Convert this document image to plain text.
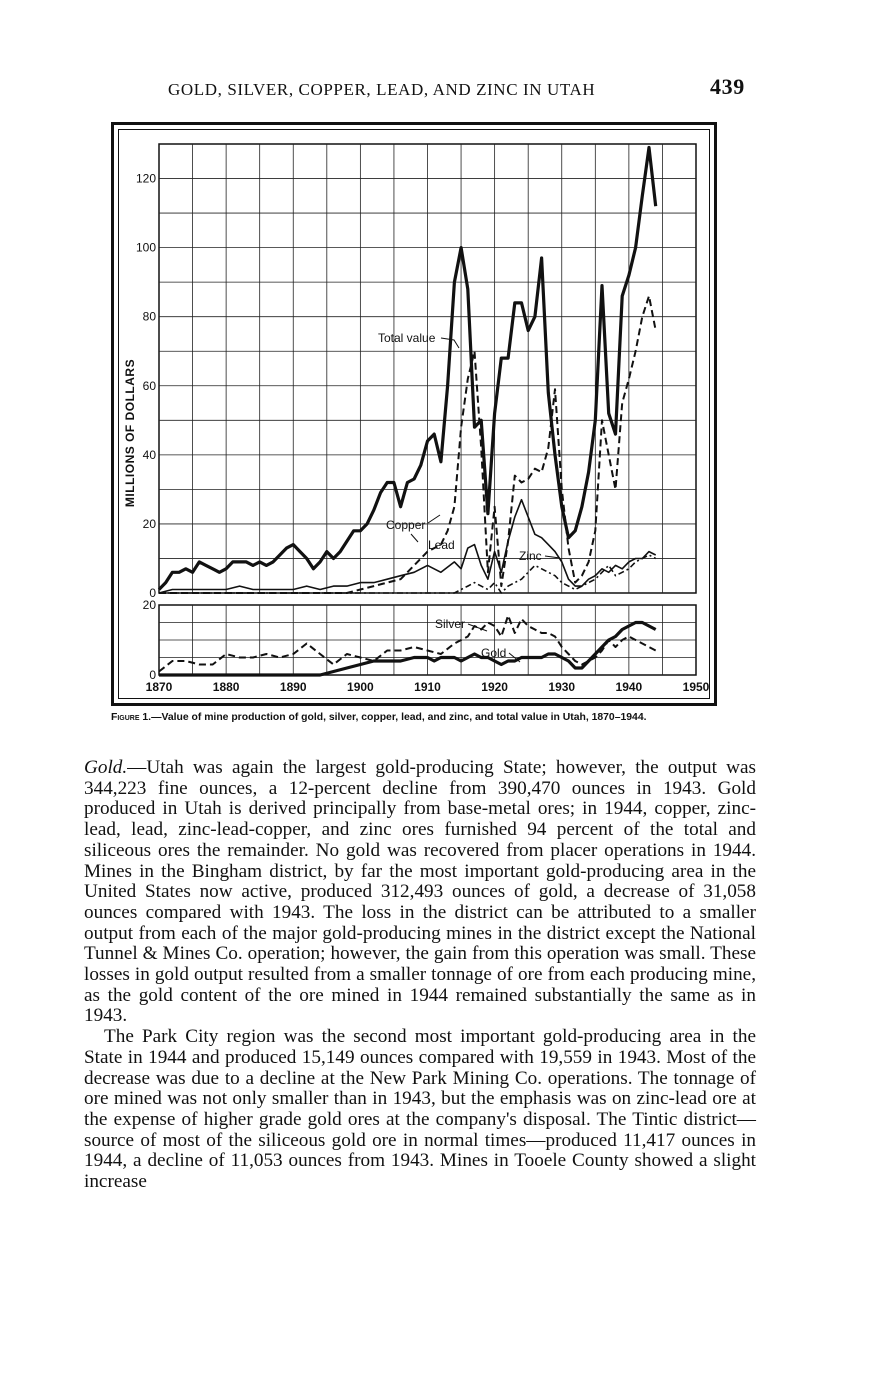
GOLD, SILVER, COPPER, LEAD, AND ZINC IN UTAH	439
0
20
40
60
80
100
120
0
20
1870	1880	1890	1900	1910	1920	1930	1940	1950
MILLIONS OF DOLLARS
Total value
Copper
Lead
Zinc
Silver
Gold
Figure 1.—Value of mine production of gold, silver, copper, lead, and zinc, and total value in Utah, 1870–1944.

Gold.—Utah was again the largest gold-producing State; however, the output was 344,223 fine ounces, a 12-percent decline from 390,470 ounces in 1943. Gold produced in Utah is derived principally from base-metal ores; in 1944, copper, zinc-lead, lead, zinc-lead-copper, and zinc ores furnished 94 percent of the total and siliceous ores the remainder. No gold was recovered from placer operations in 1944. Mines in the Bingham district, by far the most important gold-producing area in the United States now active, produced 312,493 ounces of gold, a decrease of 31,058 ounces compared with 1943. The loss in the district can be attributed to a smaller output from each of the major gold-producing mines in the district except the National Tunnel & Mines Co. operation; however, the gain from this operation was small. These losses in gold output resulted from a smaller tonnage of ore from each producing mine, as the gold content of the ore mined in 1944 remained substantially the same as in 1943.

The Park City region was the second most important gold-producing area in the State in 1944 and produced 15,149 ounces compared with 19,559 in 1943. Most of the decrease was due to a decline at the New Park Mining Co. operations. The tonnage of ore mined was not only smaller than in 1943, but the emphasis was on zinc-lead ore at the expense of higher grade gold ores at the company's disposal. The Tintic district—source of most of the siliceous gold ore in normal times—produced 11,417 ounces in 1944, a decline of 11,053 ounces from 1943. Mines in Tooele County showed a slight increase
